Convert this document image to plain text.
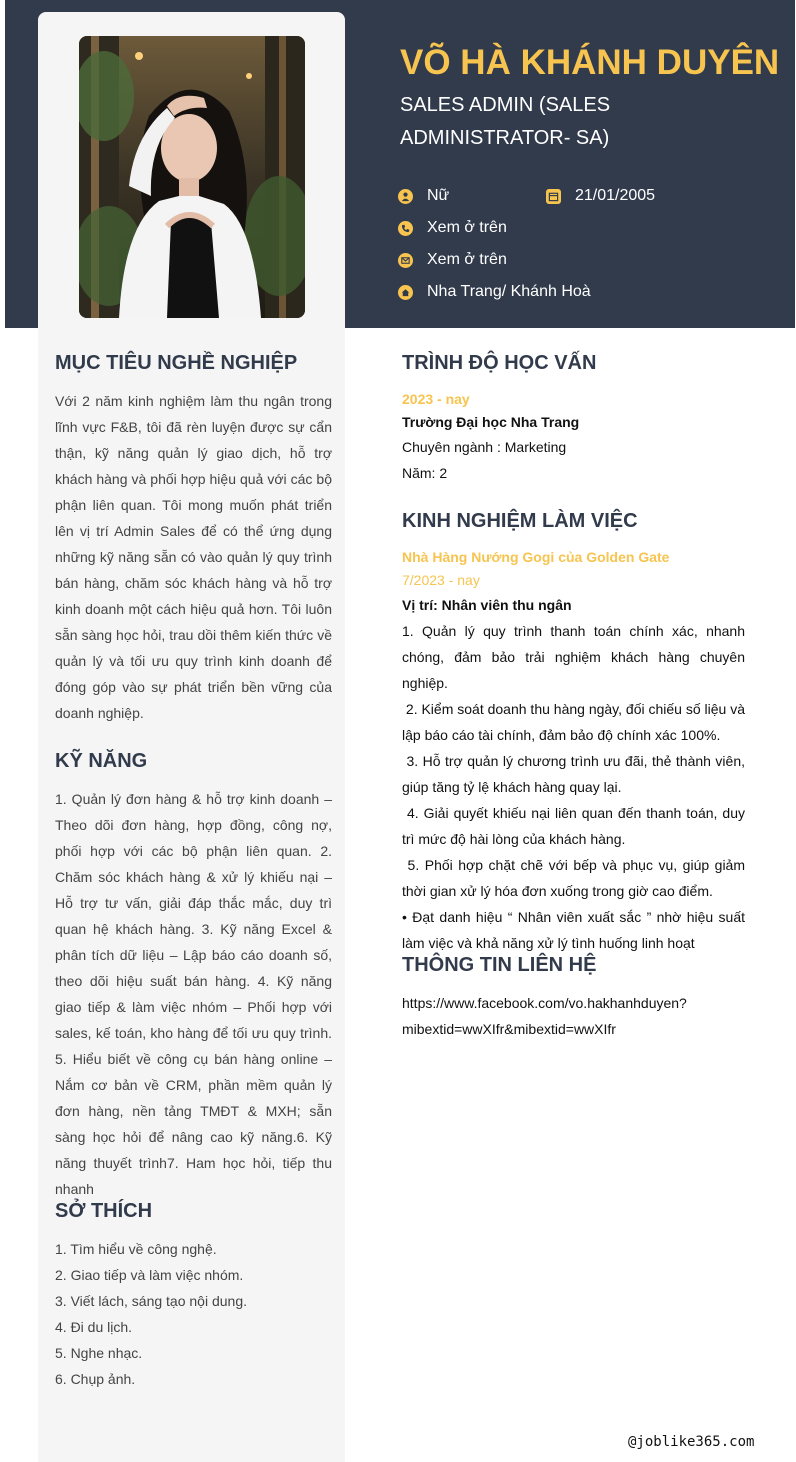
VÕ HÀ KHÁNH DUYÊN
SALES ADMIN (SALES ADMINISTRATOR- SA)
Nữ	21/01/2005
Xem ở trên
Xem ở trên
Nha Trang/ Khánh Hoà
MỤC TIÊU NGHỀ NGHIỆP
Với 2 năm kinh nghiệm làm thu ngân trong lĩnh vực F&B, tôi đã rèn luyện được sự cẩn thận, kỹ năng quản lý giao dịch, hỗ trợ khách hàng và phối hợp hiệu quả với các bộ phận liên quan. Tôi mong muốn phát triển lên vị trí Admin Sales để có thể ứng dụng những kỹ năng sẵn có vào quản lý quy trình bán hàng, chăm sóc khách hàng và hỗ trợ kinh doanh một cách hiệu quả hơn. Tôi luôn sẵn sàng học hỏi, trau dồi thêm kiến thức về quản lý và tối ưu quy trình kinh doanh để đóng góp vào sự phát triển bền vững của doanh nghiệp.
KỸ NĂNG
1. Quản lý đơn hàng & hỗ trợ kinh doanh – Theo dõi đơn hàng, hợp đồng, công nợ, phối hợp với các bộ phận liên quan. 2. Chăm sóc khách hàng & xử lý khiếu nại – Hỗ trợ tư vấn, giải đáp thắc mắc, duy trì quan hệ khách hàng. 3. Kỹ năng Excel & phân tích dữ liệu – Lập báo cáo doanh số, theo dõi hiệu suất bán hàng. 4. Kỹ năng giao tiếp & làm việc nhóm – Phối hợp với sales, kế toán, kho hàng để tối ưu quy trình. 5. Hiểu biết về công cụ bán hàng online – Nắm cơ bản về CRM, phần mềm quản lý đơn hàng, nền tảng TMĐT & MXH; sẵn sàng học hỏi để nâng cao kỹ năng.6. Kỹ năng thuyết trình7. Ham học hỏi, tiếp thu nhanh
SỞ THÍCH
1. Tìm hiểu về công nghệ.
2. Giao tiếp và làm việc nhóm.
3. Viết lách, sáng tạo nội dung.
4. Đi du lịch.
5. Nghe nhạc.
6. Chụp ảnh.
TRÌNH ĐỘ HỌC VẤN
2023 - nay
Trường Đại học Nha Trang
Chuyên ngành : Marketing
Năm: 2
KINH NGHIỆM LÀM VIỆC
Nhà Hàng Nướng Gogi của Golden Gate
7/2023 - nay
Vị trí: Nhân viên thu ngân
1. Quản lý quy trình thanh toán chính xác, nhanh chóng, đảm bảo trải nghiệm khách hàng chuyên nghiệp.
2. Kiểm soát doanh thu hàng ngày, đối chiếu số liệu và lập báo cáo tài chính, đảm bảo độ chính xác 100%.
3. Hỗ trợ quản lý chương trình ưu đãi, thẻ thành viên, giúp tăng tỷ lệ khách hàng quay lại.
4. Giải quyết khiếu nại liên quan đến thanh toán, duy trì mức độ hài lòng của khách hàng.
5. Phối hợp chặt chẽ với bếp và phục vụ, giúp giảm thời gian xử lý hóa đơn xuống trong giờ cao điểm.
• Đạt danh hiệu “ Nhân viên xuất sắc ” nhờ hiệu suất làm việc và khả năng xử lý tình huống linh hoạt
THÔNG TIN LIÊN HỆ
https://www.facebook.com/vo.hakhanhduyen?
mibextid=wwXIfr&mibextid=wwXIfr
@joblike365.com
